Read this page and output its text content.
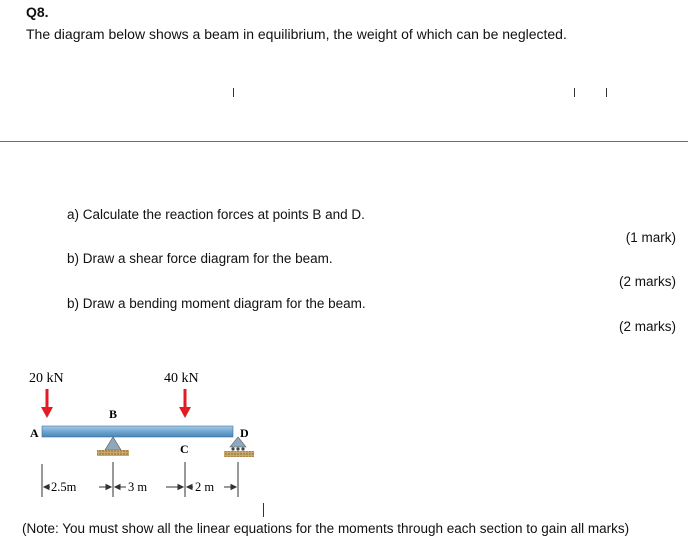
Q8.
The diagram below shows a beam in equilibrium, the weight of which can be neglected.
a) Calculate the reaction forces at points B and D.
(1 mark)
b) Draw a shear force diagram for the beam.
(2 marks)
b) Draw a bending moment diagram for the beam.
(2 marks)
20 kN	40 kN
A
B
C
D
2.5m	3 m	2 m
(Note: You must show all the linear equations for the moments through each section to gain all marks)
